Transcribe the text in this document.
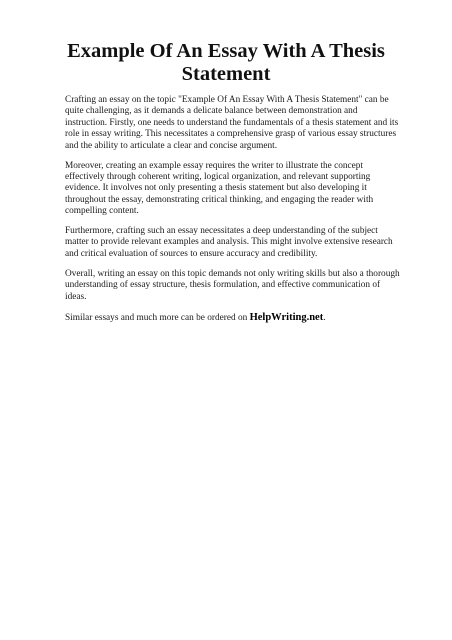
Example Of An Essay With A Thesis Statement

Crafting an essay on the topic "Example Of An Essay With A Thesis Statement" can be quite challenging, as it demands a delicate balance between demonstration and instruction. Firstly, one needs to understand the fundamentals of a thesis statement and its role in essay writing. This necessitates a comprehensive grasp of various essay structures and the ability to articulate a clear and concise argument.

Moreover, creating an example essay requires the writer to illustrate the concept effectively through coherent writing, logical organization, and relevant supporting evidence. It involves not only presenting a thesis statement but also developing it throughout the essay, demonstrating critical thinking, and engaging the reader with compelling content.

Furthermore, crafting such an essay necessitates a deep understanding of the subject matter to provide relevant examples and analysis. This might involve extensive research and critical evaluation of sources to ensure accuracy and credibility.

Overall, writing an essay on this topic demands not only writing skills but also a thorough understanding of essay structure, thesis formulation, and effective communication of ideas.

Similar essays and much more can be ordered on HelpWriting.net.
